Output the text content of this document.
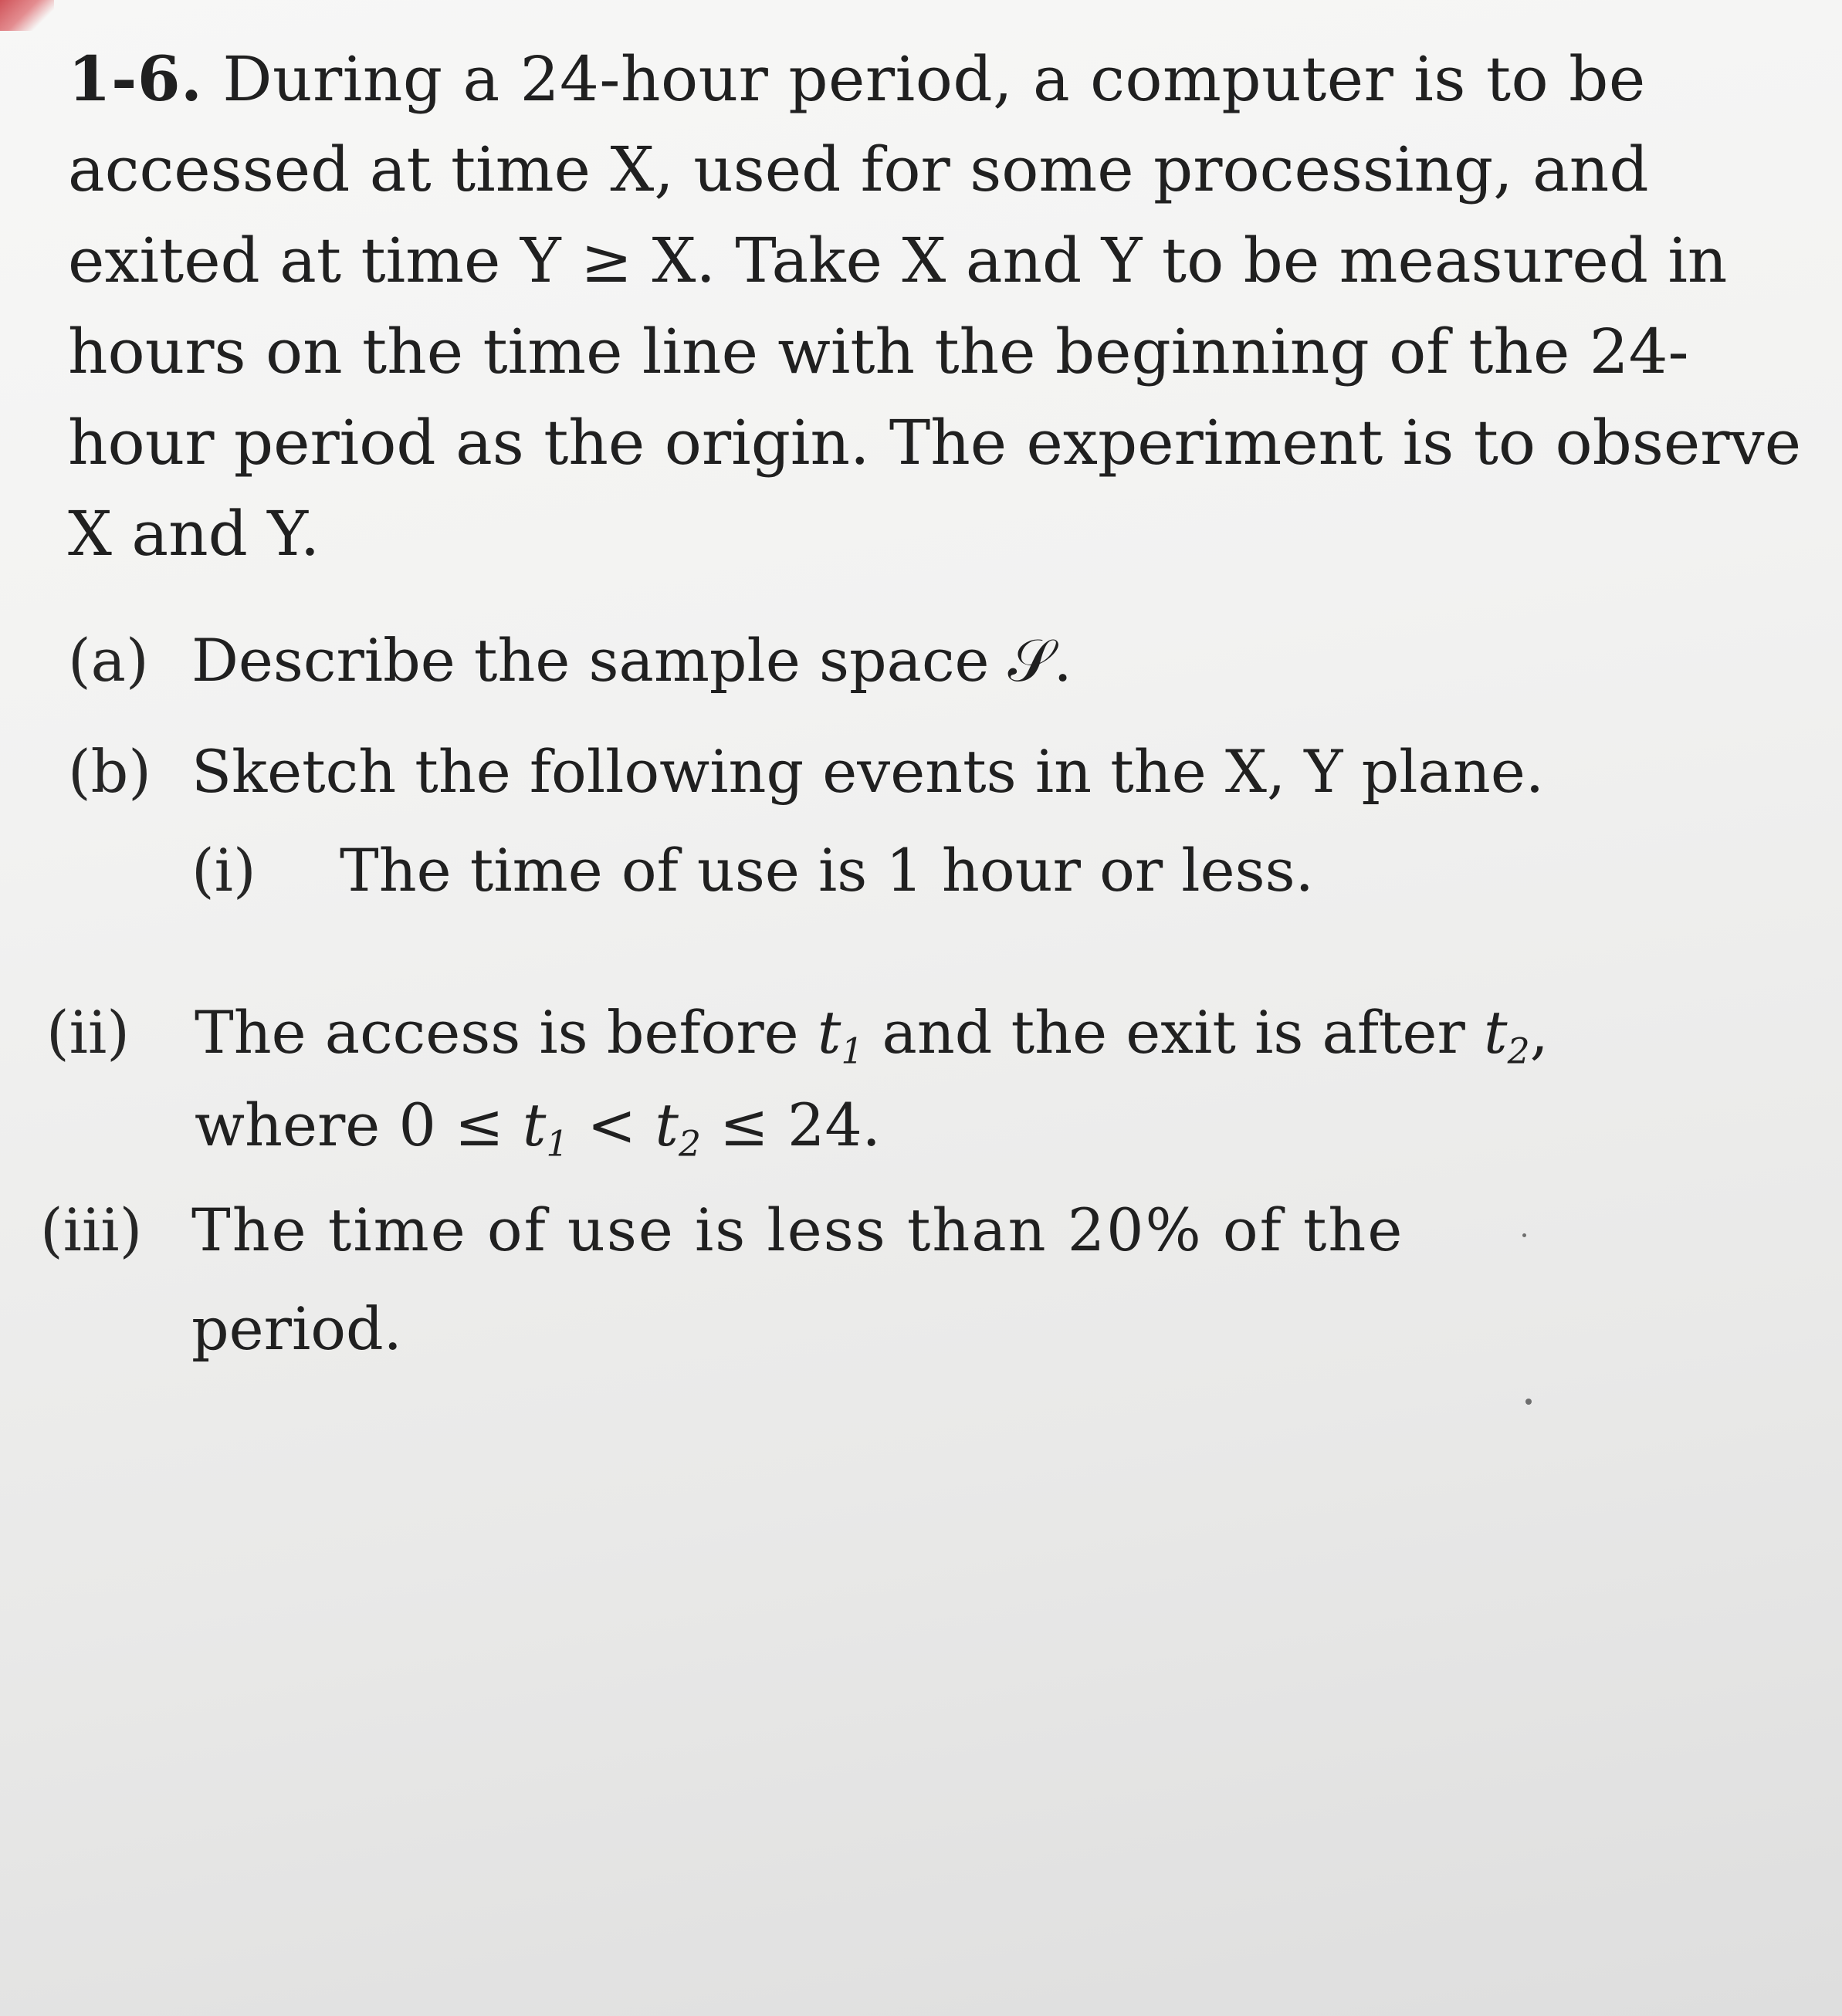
1-6. During a 24-hour period, a computer is to be
accessed at time X, used for some processing, and
exited at time Y ≥ X. Take X and Y to be measured in
hours on the time line with the beginning of the 24-
hour period as the origin. The experiment is to observe
X and Y.
(a) Describe the sample space 𝒮.
(b) Sketch the following events in the X, Y plane.
(i) The time of use is 1 hour or less.
(ii) The access is before $t_1$ and the exit is after $t_2$,
where $0 \le t_1 < t_2 \le 24$.
(iii) The time of use is less than 20% of the
period.
